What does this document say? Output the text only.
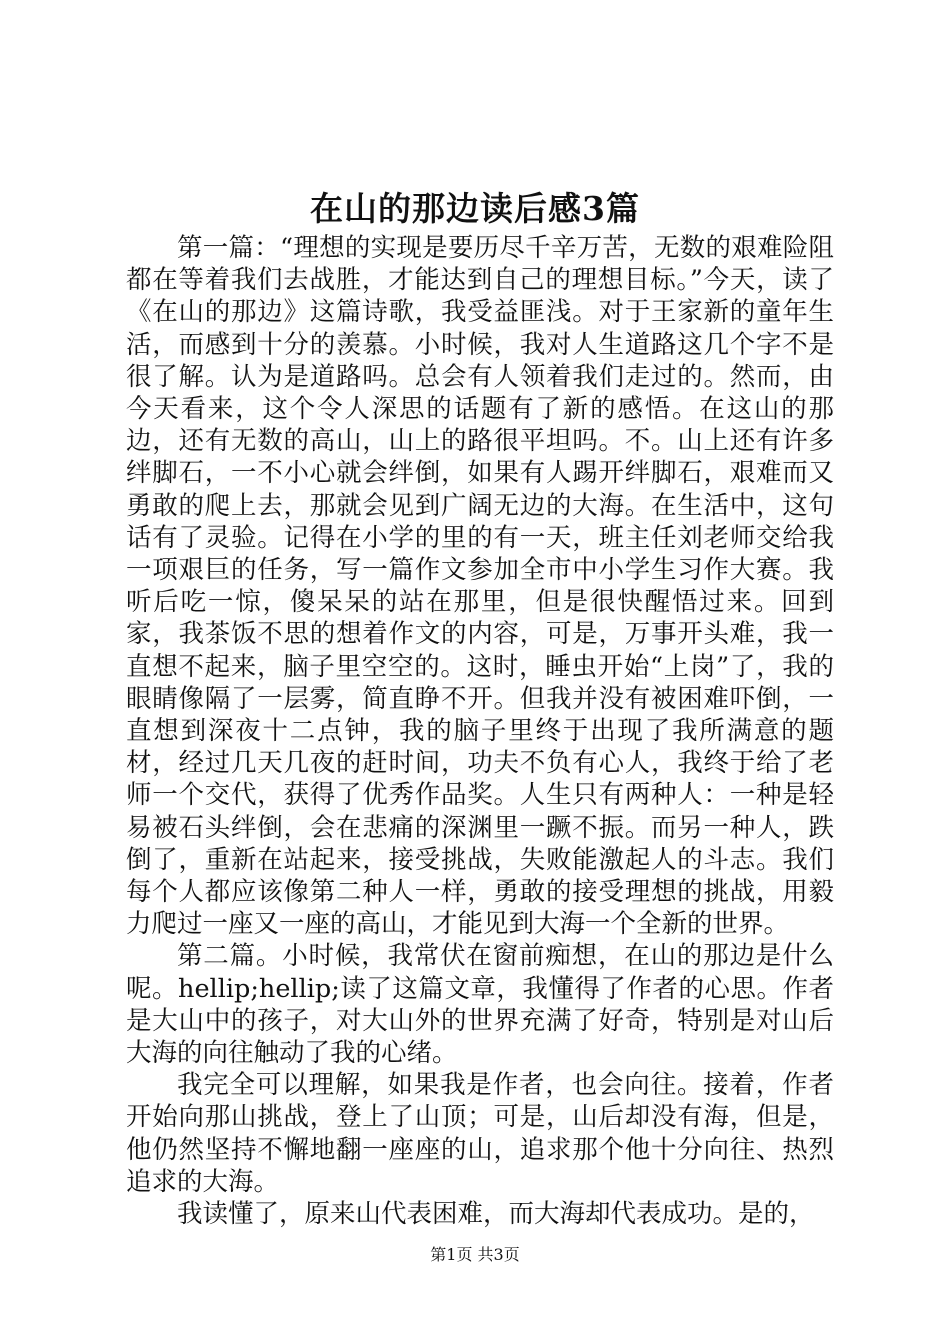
在山的那边读后感3篇

第一篇：“理想的实现是要历尽千辛万苦，无数的艰难险阻都在等着我们去战胜，才能达到自己的理想目标。”今天，读了《在山的那边》这篇诗歌，我受益匪浅。对于王家新的童年生活，而感到十分的羡慕。小时候，我对人生道路这几个字不是很了解。认为是道路吗。总会有人领着我们走过的。然而，由今天看来，这个令人深思的话题有了新的感悟。在这山的那边，还有无数的高山，山上的路很平坦吗。不。山上还有许多绊脚石，一不小心就会绊倒，如果有人踢开绊脚石，艰难而又勇敢的爬上去，那就会见到广阔无边的大海。在生活中，这句话有了灵验。记得在小学的里的有一天，班主任刘老师交给我一项艰巨的任务，写一篇作文参加全市中小学生习作大赛。我听后吃一惊，傻呆呆的站在那里，但是很快醒悟过来。回到家，我茶饭不思的想着作文的内容，可是，万事开头难，我一直想不起来，脑子里空空的。这时，睡虫开始“上岗”了，我的眼睛像隔了一层雾，简直睁不开。但我并没有被困难吓倒，一直想到深夜十二点钟，我的脑子里终于出现了我所满意的题材，经过几天几夜的赶时间，功夫不负有心人，我终于给了老师一个交代，获得了优秀作品奖。人生只有两种人：一种是轻易被石头绊倒，会在悲痛的深渊里一蹶不振。而另一种人，跌倒了，重新在站起来，接受挑战，失败能激起人的斗志。我们每个人都应该像第二种人一样，勇敢的接受理想的挑战，用毅力爬过一座又一座的高山，才能见到大海一个全新的世界。

第二篇。小时候，我常伏在窗前痴想，在山的那边是什么呢。hellip;hellip;读了这篇文章，我懂得了作者的心思。作者是大山中的孩子，对大山外的世界充满了好奇，特别是对山后大海的向往触动了我的心绪。

我完全可以理解，如果我是作者，也会向往。接着，作者开始向那山挑战，登上了山顶；可是，山后却没有海，但是，他仍然坚持不懈地翻一座座的山，追求那个他十分向往、热烈追求的大海。

我读懂了，原来山代表困难，而大海却代表成功。是的，

第1页 共3页
